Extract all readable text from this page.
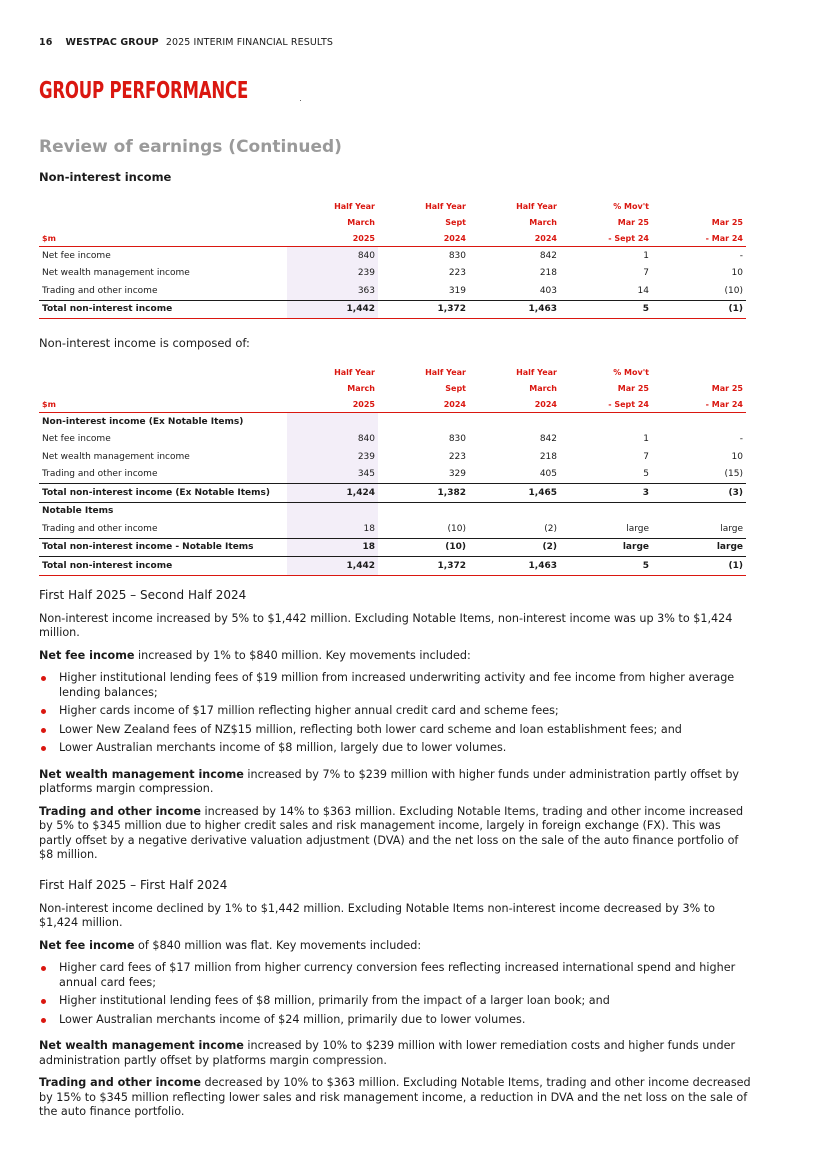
16 WESTPAC GROUP 2025 INTERIM FINANCIAL RESULTS
GROUP PERFORMANCE
Review of earnings (Continued)
Non-interest income
	Half Year	Half Year	Half Year	% Mov't	
	March	Sept	March	Mar 25	Mar 25
$m	2025	2024	2024	- Sept 24	- Mar 24
Net fee income	840	830	842	1	-
Net wealth management income	239	223	218	7	10
Trading and other income	363	319	403	14	(10)
Total non-interest income	1,442	1,372	1,463	5	(1)

Non-interest income is composed of:

	Half Year	Half Year	Half Year	% Mov't	
	March	Sept	March	Mar 25	Mar 25
$m	2025	2024	2024	- Sept 24	- Mar 24
Non-interest income (Ex Notable Items)					
Net fee income	840	830	842	1	-
Net wealth management income	239	223	218	7	10
Trading and other income	345	329	405	5	(15)
Total non-interest income (Ex Notable Items)	1,424	1,382	1,465	3	(3)
Notable Items					
Trading and other income	18	(10)	(2)	large	large
Total non-interest income - Notable Items	18	(10)	(2)	large	large
Total non-interest income	1,442	1,372	1,463	5	(1)
First Half 2025 – Second Half 2024

Non-interest income increased by 5% to $1,442 million. Excluding Notable Items, non-interest income was up 3% to $1,424 million.

Net fee income increased by 1% to $840 million. Key movements included:

Higher institutional lending fees of $19 million from increased underwriting activity and fee income from higher average lending balances;
Higher cards income of $17 million reflecting higher annual credit card and scheme fees;
Lower New Zealand fees of NZ$15 million, reflecting both lower card scheme and loan establishment fees; and
Lower Australian merchants income of $8 million, largely due to lower volumes.

Net wealth management income increased by 7% to $239 million with higher funds under administration partly offset by platforms margin compression.

Trading and other income increased by 14% to $363 million. Excluding Notable Items, trading and other income increased by 5% to $345 million due to higher credit sales and risk management income, largely in foreign exchange (FX). This was partly offset by a negative derivative valuation adjustment (DVA) and the net loss on the sale of the auto finance portfolio of $8 million.

First Half 2025 – First Half 2024

Non-interest income declined by 1% to $1,442 million. Excluding Notable Items non-interest income decreased by 3% to $1,424 million.

Net fee income of $840 million was flat. Key movements included:

Higher card fees of $17 million from higher currency conversion fees reflecting increased international spend and higher annual card fees;
Higher institutional lending fees of $8 million, primarily from the impact of a larger loan book; and
Lower Australian merchants income of $24 million, primarily due to lower volumes.

Net wealth management income increased by 10% to $239 million with lower remediation costs and higher funds under administration partly offset by platforms margin compression.

Trading and other income decreased by 10% to $363 million. Excluding Notable Items, trading and other income decreased by 15% to $345 million reflecting lower sales and risk management income, a reduction in DVA and the net loss on the sale of the auto finance portfolio.
